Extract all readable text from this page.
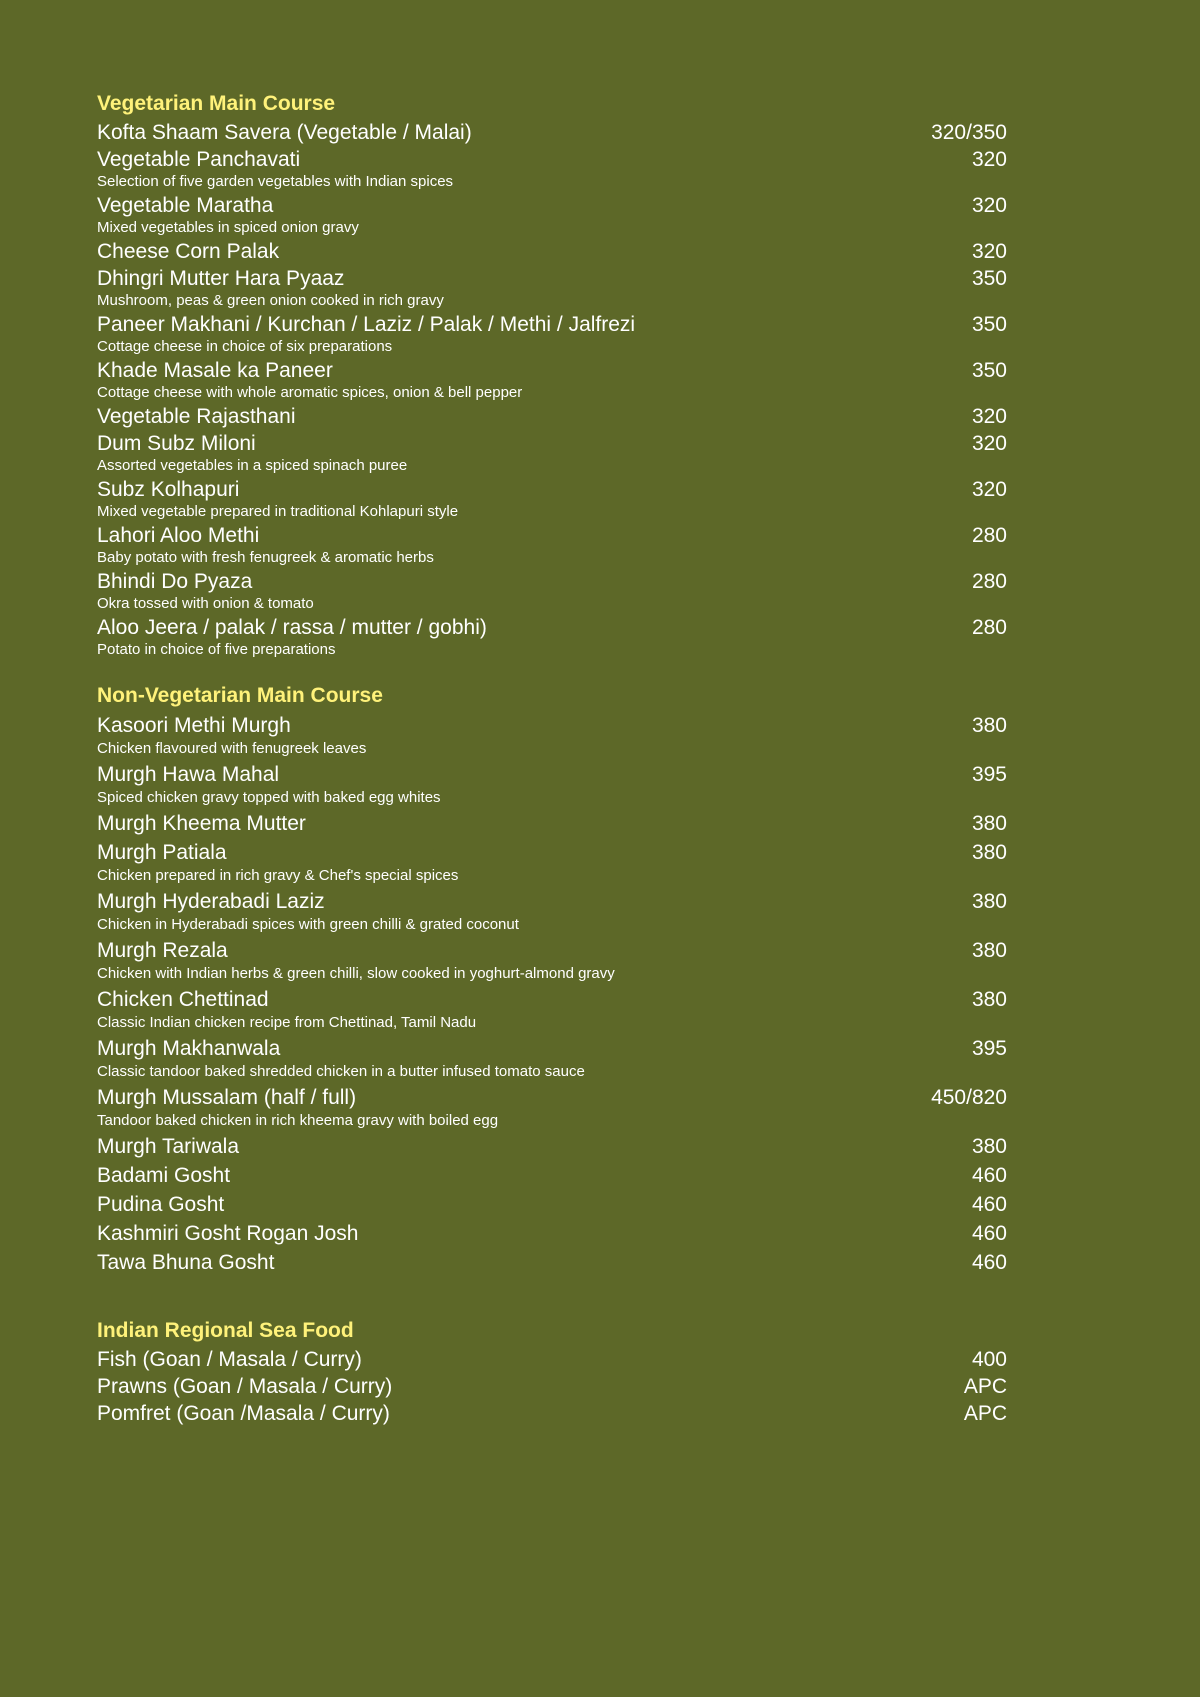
Vegetarian Main Course
Kofta Shaam Savera (Vegetable / Malai)	320/350
Vegetable Panchavati	320
Selection of five garden vegetables with Indian spices
Vegetable Maratha	320
Mixed vegetables in spiced onion gravy
Cheese Corn Palak	320
Dhingri Mutter Hara Pyaaz	350
Mushroom, peas & green onion cooked in rich gravy
Paneer Makhani / Kurchan / Laziz / Palak / Methi / Jalfrezi	350
Cottage cheese in choice of six preparations
Khade Masale ka Paneer	350
Cottage cheese with whole aromatic spices, onion & bell pepper
Vegetable Rajasthani	320
Dum Subz Miloni	320
Assorted vegetables in a spiced spinach puree
Subz Kolhapuri	320
Mixed vegetable prepared in traditional Kohlapuri style
Lahori Aloo Methi	280
Baby potato with fresh fenugreek & aromatic herbs
Bhindi Do Pyaza	280
Okra tossed with onion & tomato
Aloo Jeera / palak / rassa / mutter / gobhi)	280
Potato in choice of five preparations
Non-Vegetarian Main Course
Kasoori Methi Murgh	380
Chicken flavoured with fenugreek leaves
Murgh Hawa Mahal	395
Spiced chicken gravy topped with baked egg whites
Murgh Kheema Mutter	380
Murgh Patiala	380
Chicken prepared in rich gravy & Chef's special spices
Murgh Hyderabadi Laziz	380
Chicken in Hyderabadi spices with green chilli & grated coconut
Murgh Rezala	380
Chicken with Indian herbs & green chilli, slow cooked in yoghurt-almond gravy
Chicken Chettinad	380
Classic Indian chicken recipe from Chettinad, Tamil Nadu
Murgh Makhanwala	395
Classic tandoor baked shredded chicken in a butter infused tomato sauce
Murgh Mussalam (half / full)	450/820
Tandoor baked chicken in rich kheema gravy with boiled egg
Murgh Tariwala	380
Badami Gosht	460
Pudina Gosht	460
Kashmiri Gosht Rogan Josh	460
Tawa Bhuna Gosht	460
Indian Regional Sea Food
Fish (Goan / Masala / Curry)	400
Prawns (Goan / Masala / Curry)	APC
Pomfret (Goan /Masala / Curry)	APC
